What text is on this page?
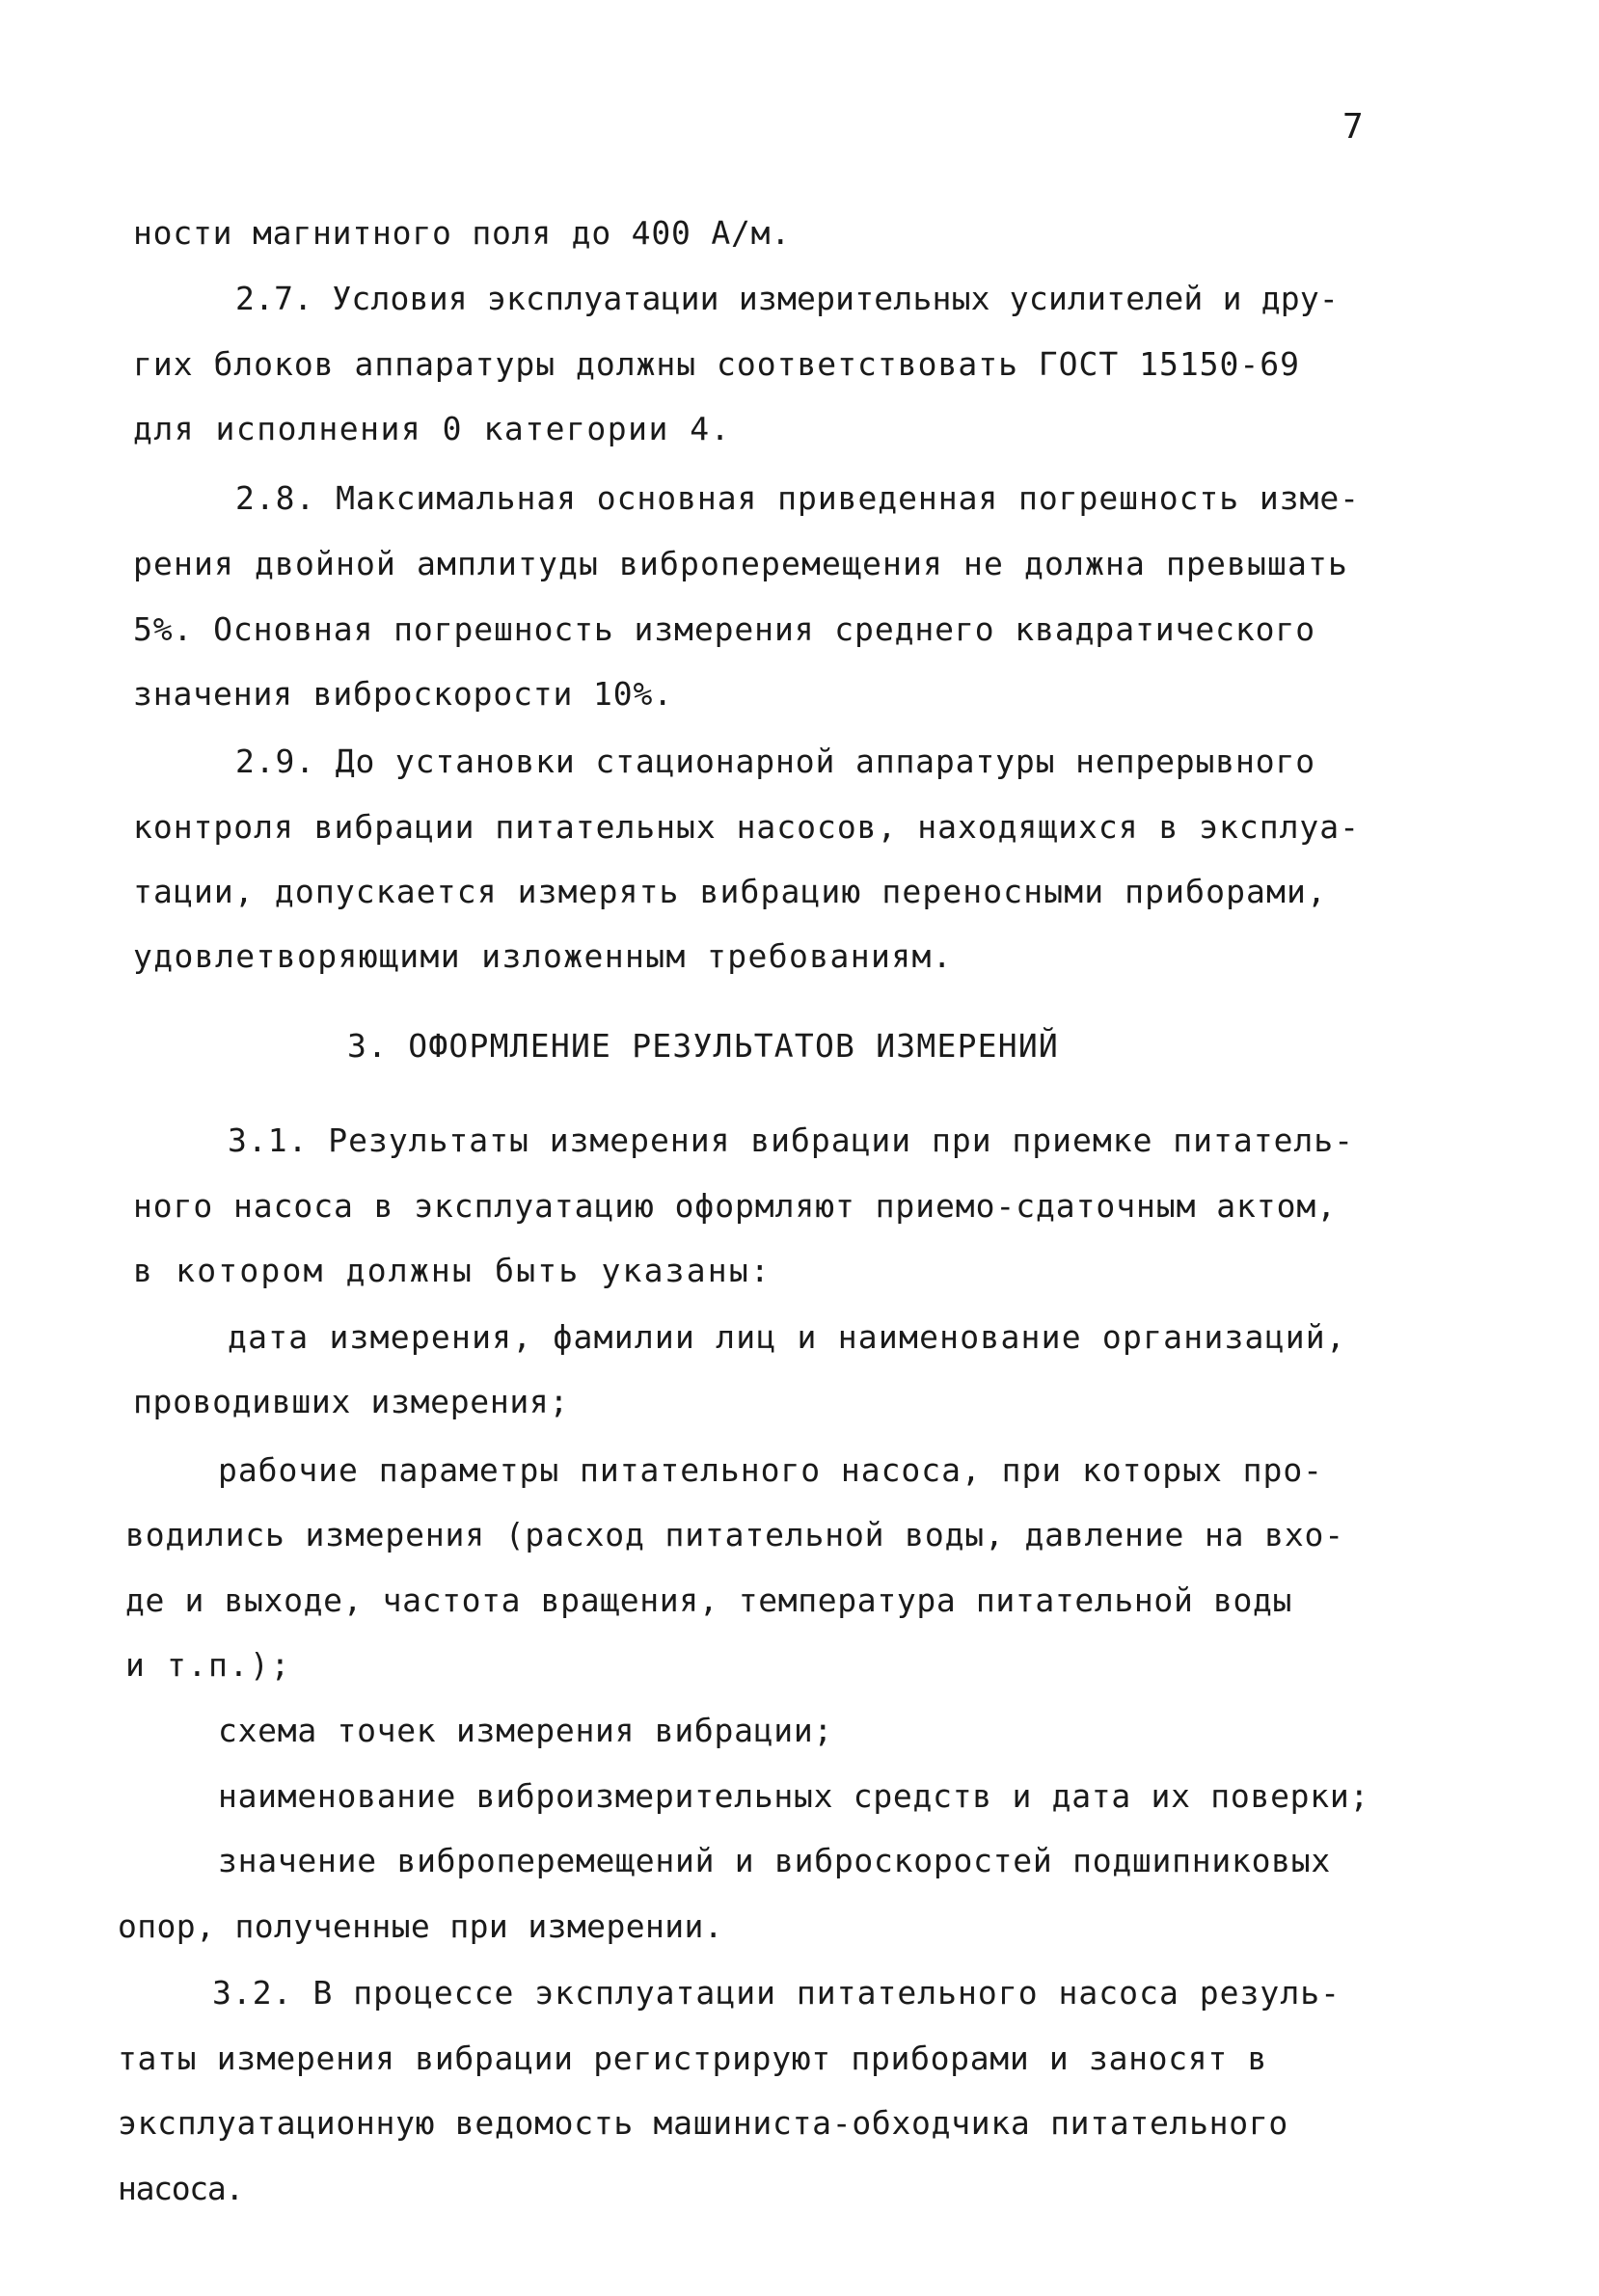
7
ности магнитного поля до 400 А/м.
2.7. Условия эксплуатации измерительных усилителей и дру-
гих блоков аппаратуры должны соответствовать ГОСТ 15150-69
для исполнения 0 категории 4.
2.8. Максимальная основная приведенная погрешность изме-
рения двойной амплитуды виброперемещения не должна превышать
5%. Основная погрешность измерения среднего квадратического
значения виброскорости 10%.
2.9. До установки стационарной аппаратуры непрерывного
контроля вибрации питательных насосов, находящихся в эксплуа-
тации, допускается измерять вибрацию переносными приборами,
удовлетворяющими изложенным требованиям.
3. ОФОРМЛЕНИЕ РЕЗУЛЬТАТОВ ИЗМЕРЕНИЙ
3.1. Результаты измерения вибрации при приемке питатель-
ного насоса в эксплуатацию оформляют приемо-сдаточным актом,
в котором должны быть указаны:
дата измерения, фамилии лиц и наименование организаций,
проводивших измерения;
рабочие параметры питательного насоса, при которых про-
водились измерения (расход питательной воды, давление на вхо-
де и выходе, частота вращения, температура питательной воды
и т.п.);
схема точек измерения вибрации;
наименование виброизмерительных средств и дата их поверки;
значение виброперемещений и виброскоростей подшипниковых
опор, полученные при измерении.
3.2. В процессе эксплуатации питательного насоса резуль-
таты измерения вибрации регистрируют приборами и заносят в
эксплуатационную ведомость машиниста-обходчика питательного
насоса.
